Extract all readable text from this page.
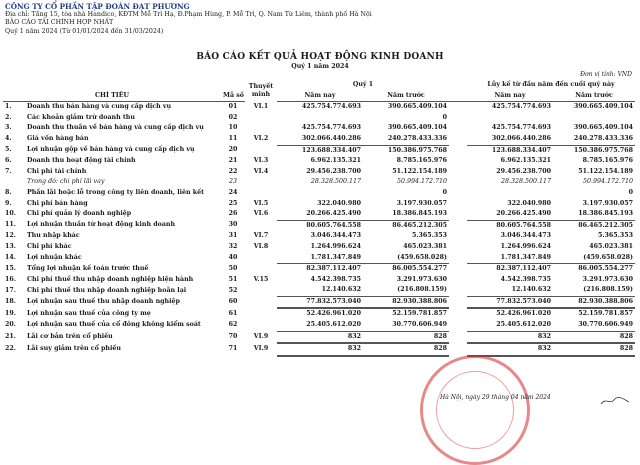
CÔNG TY CỔ PHẦN TẬP ĐOÀN ĐẠT PHƯƠNG
Địa chỉ: Tầng 15, tòa nhà Handico, KĐTM Mễ Trì Hạ, Đ.Phạm Hùng, P. Mễ Trì, Q. Nam Từ Liêm, thành phố Hà Nội
BÁO CÁO TÀI CHÍNH HỢP NHẤT
Quý 1 năm 2024 (Từ 01/01/2024 đến 31/03/2024)
BÁO CÁO KẾT QUẢ HOẠT ĐỘNG KINH DOANH
Quý 1 năm 2024
Đơn vị tính: VND
			Thuyết minh	Quý 1			Lũy kế từ đầu năm đến cuối quý này	
CHỈ TIÊU		Mã số		Năm nay	Năm trước		Năm nay	Năm trước
1.	Doanh thu bán hàng và cung cấp dịch vụ	01	VI.1	425.754.774.693	390.665.409.104		425.754.774.693	390.665.409.104
2.	Các khoản giảm trừ doanh thu	02			0			
3.	Doanh thu thuần về bán hàng và cung cấp dịch vụ	10		425.754.774.693	390.665.409.104		425.754.774.693	390.665.409.104
4.	Giá vốn hàng bán	11	VI.2	302.066.440.286	240.278.433.336		302.066.440.286	240.278.433.336
5.	Lợi nhuận gộp về bán hàng và cung cấp dịch vụ	20		123.688.334.407	150.386.975.768		123.688.334.407	150.386.975.768
6.	Doanh thu hoạt động tài chính	21	VI.3	6.962.135.321	8.785.165.976		6.962.135.321	8.785.165.976
7.	Chi phí tài chính	22	VI.4	29.456.238.700	51.122.154.189		29.456.238.700	51.122.154.189
	Trong đó: chi phí lãi vay	23		28.328.500.117	50.994.172.710		28.328.500.117	50.994.172.710
8.	Phần lãi hoặc lỗ trong công ty liên doanh, liên kết	24			0			0
9.	Chi phí bán hàng	25	VI.5	322.040.980	3.197.930.057		322.040.980	3.197.930.057
10.	Chi phí quản lý doanh nghiệp	26	VI.6	20.266.425.490	18.386.845.193		20.266.425.490	18.386.845.193
11.	Lợi nhuận thuần từ hoạt động kinh doanh	30		80.605.764.558	86.465.212.305		80.605.764.558	86.465.212.305
12.	Thu nhập khác	31	VI.7	3.046.344.473	5.365.353		3.046.344.473	5.365.353
13.	Chi phí khác	32	VI.8	1.264.996.624	465.023.381		1.264.996.624	465.023.381
14.	Lợi nhuận khác	40		1.781.347.849	(459.658.028)		1.781.347.849	(459.658.028)
15.	Tổng lợi nhuận kế toán trước thuế	50		82.387.112.407	86.005.554.277		82.387.112.407	86.005.554.277
16.	Chi phí thuế thu nhập doanh nghiệp hiện hành	51	V.15	4.542.398.735	3.291.973.630		4.542.398.735	3.291.973.630
17.	Chi phí thuế thu nhập doanh nghiệp hoãn lại	52		12.140.632	(216.808.159)		12.140.632	(216.808.159)
18.	Lợi nhuận sau thuế thu nhập doanh nghiệp	60		77.832.573.040	82.930.388.806		77.832.573.040	82.930.388.806
19.	Lợi nhuận sau thuế của công ty mẹ	61		52.426.961.020	52.159.781.857		52.426.961.020	52.159.781.857
20.	Lợi nhuận sau thuế của cổ đông không kiểm soát	62		25.405.612.020	30.770.606.949		25.405.612.020	30.770.606.949
21.	Lãi cơ bản trên cổ phiếu	70	VI.9	832	828		832	828
22.	Lãi suy giảm trên cổ phiếu	71	VI.9	832	828		832	828
Hà Nội, ngày 29 tháng 04 năm 2024
